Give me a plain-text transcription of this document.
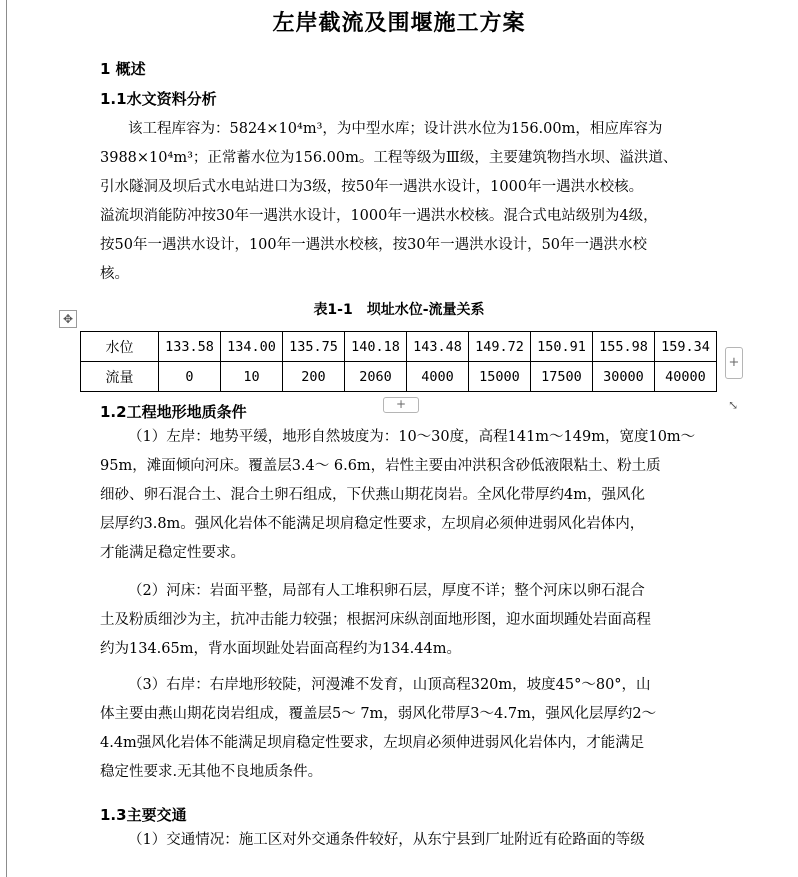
左岸截流及围堰施工方案
1 概述
1.1水文资料分析
该工程库容为：5824×10⁴m³，为中型水库；设计洪水位为156.00m，相应库容为
3988×10⁴m³；正常蓄水位为156.00m。工程等级为Ⅲ级，主要建筑物挡水坝、溢洪道、
引水隧洞及坝后式水电站进口为3级，按50年一遇洪水设计，1000年一遇洪水校核。
溢流坝消能防冲按30年一遇洪水设计，1000年一遇洪水校核。混合式电站级别为4级，
按50年一遇洪水设计，100年一遇洪水校核，按30年一遇洪水设计，50年一遇洪水校
核。
表1-1　坝址水位-流量关系
✥
水位	133.58	134.00	135.75	140.18	143.48	149.72	150.91	155.98	159.34
流量	0	10	200	2060	4000	15000	17500	30000	40000
+
+	⤡
1.2工程地形地质条件
（1）左岸：地势平缓，地形自然坡度为：10～30度，高程141m～149m，宽度10m～
95m，滩面倾向河床。覆盖层3.4～ 6.6m，岩性主要由冲洪积含砂低液限粘土、粉土质
细砂、卵石混合土、混合土卵石组成，下伏燕山期花岗岩。全风化带厚约4m，强风化
层厚约3.8m。强风化岩体不能满足坝肩稳定性要求，左坝肩必须伸进弱风化岩体内，
才能满足稳定性要求。
（2）河床：岩面平整，局部有人工堆积卵石层，厚度不详；整个河床以卵石混合
土及粉质细沙为主，抗冲击能力较强；根据河床纵剖面地形图，迎水面坝踵处岩面高程
约为134.65m，背水面坝趾处岩面高程约为134.44m。
（3）右岸：右岸地形较陡，河漫滩不发育，山顶高程320m，坡度45°～80°，山
体主要由燕山期花岗岩组成，覆盖层5～ 7m，弱风化带厚3～4.7m，强风化层厚约2～
4.4m强风化岩体不能满足坝肩稳定性要求，左坝肩必须伸进弱风化岩体内，才能满足
稳定性要求.无其他不良地质条件。
1.3主要交通
（1）交通情况：施工区对外交通条件较好，从东宁县到厂址附近有砼路面的等级
